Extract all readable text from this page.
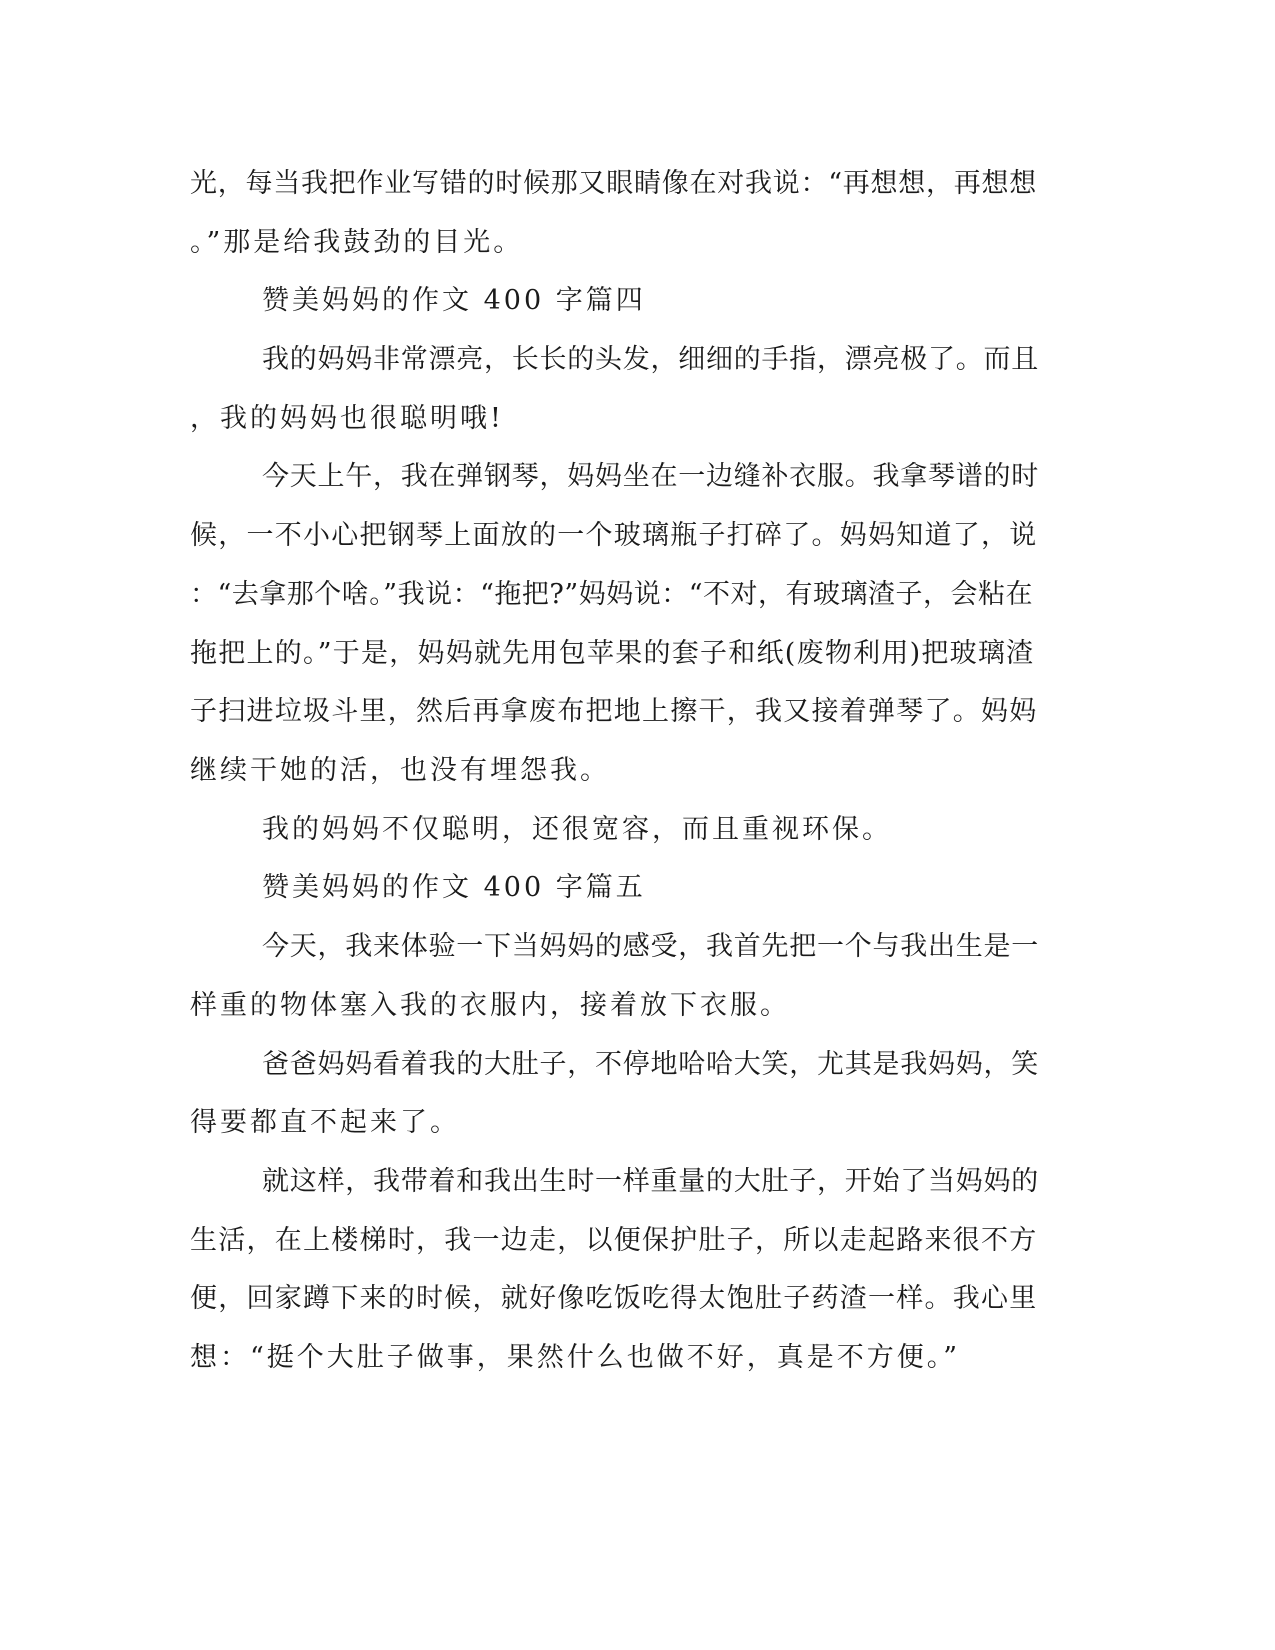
光，每当我把作业写错的时候那又眼睛像在对我说：“再想想，再想想
。”那是给我鼓劲的目光。
赞美妈妈的作文 400 字篇四
我的妈妈非常漂亮，长长的头发，细细的手指，漂亮极了。而且
，我的妈妈也很聪明哦!
今天上午，我在弹钢琴，妈妈坐在一边缝补衣服。我拿琴谱的时
候，一不小心把钢琴上面放的一个玻璃瓶子打碎了。妈妈知道了，说
：“去拿那个啥。”我说：“拖把?”妈妈说：“不对，有玻璃渣子，会粘在
拖把上的。”于是，妈妈就先用包苹果的套子和纸(废物利用)把玻璃渣
子扫进垃圾斗里，然后再拿废布把地上擦干，我又接着弹琴了。妈妈
继续干她的活，也没有埋怨我。
我的妈妈不仅聪明，还很宽容，而且重视环保。
赞美妈妈的作文 400 字篇五
今天，我来体验一下当妈妈的感受，我首先把一个与我出生是一
样重的物体塞入我的衣服内，接着放下衣服。
爸爸妈妈看着我的大肚子，不停地哈哈大笑，尤其是我妈妈，笑
得要都直不起来了。
就这样，我带着和我出生时一样重量的大肚子，开始了当妈妈的
生活，在上楼梯时，我一边走，以便保护肚子，所以走起路来很不方
便，回家蹲下来的时候，就好像吃饭吃得太饱肚子药渣一样。我心里
想：“挺个大肚子做事，果然什么也做不好，真是不方便。”
